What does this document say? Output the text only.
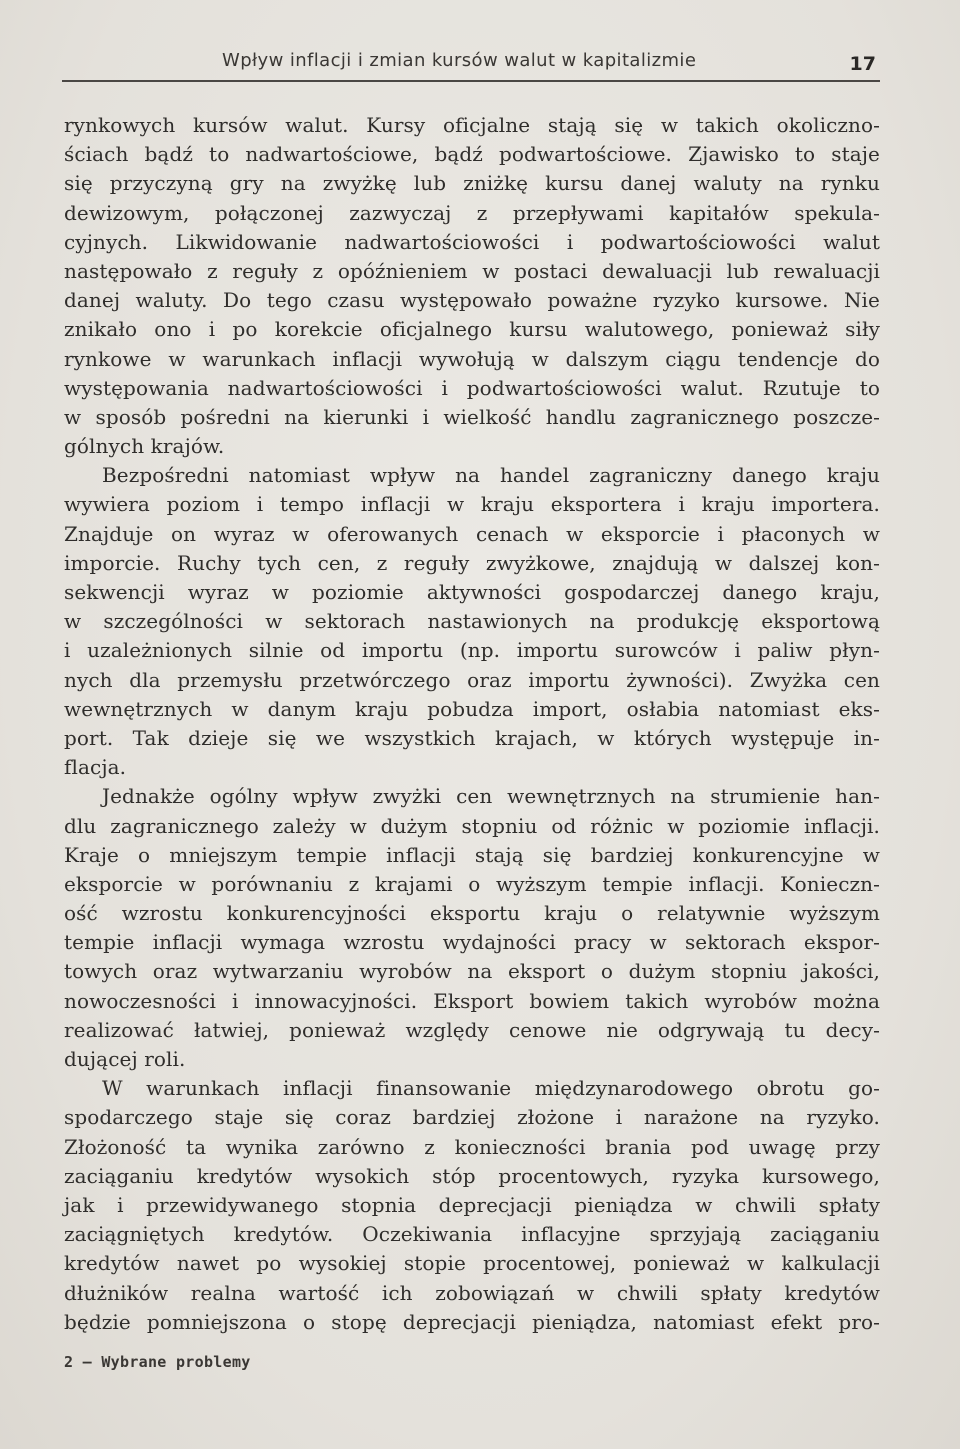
Wpływ inflacji i zmian kursów walut w kapitalizmie	17
rynkowych kursów walut. Kursy oficjalne stają się w takich okoliczno-
ściach bądź to nadwartościowe, bądź podwartościowe. Zjawisko to staje
się przyczyną gry na zwyżkę lub zniżkę kursu danej waluty na rynku
dewizowym, połączonej zazwyczaj z przepływami kapitałów spekula-
cyjnych. Likwidowanie nadwartościowości i podwartościowości walut
następowało z reguły z opóźnieniem w postaci dewaluacji lub rewaluacji
danej waluty. Do tego czasu występowało poważne ryzyko kursowe. Nie
znikało ono i po korekcie oficjalnego kursu walutowego, ponieważ siły
rynkowe w warunkach inflacji wywołują w dalszym ciągu tendencje do
występowania nadwartościowości i podwartościowości walut. Rzutuje to
w sposób pośredni na kierunki i wielkość handlu zagranicznego poszcze-
gólnych krajów.
Bezpośredni natomiast wpływ na handel zagraniczny danego kraju
wywiera poziom i tempo inflacji w kraju eksportera i kraju importera.
Znajduje on wyraz w oferowanych cenach w eksporcie i płaconych w
imporcie. Ruchy tych cen, z reguły zwyżkowe, znajdują w dalszej kon-
sekwencji wyraz w poziomie aktywności gospodarczej danego kraju,
w szczególności w sektorach nastawionych na produkcję eksportową
i uzależnionych silnie od importu (np. importu surowców i paliw płyn-
nych dla przemysłu przetwórczego oraz importu żywności). Zwyżka cen
wewnętrznych w danym kraju pobudza import, osłabia natomiast eks-
port. Tak dzieje się we wszystkich krajach, w których występuje in-
flacja.
Jednakże ogólny wpływ zwyżki cen wewnętrznych na strumienie han-
dlu zagranicznego zależy w dużym stopniu od różnic w poziomie inflacji.
Kraje o mniejszym tempie inflacji stają się bardziej konkurencyjne w
eksporcie w porównaniu z krajami o wyższym tempie inflacji. Konieczn-
ość wzrostu konkurencyjności eksportu kraju o relatywnie wyższym
tempie inflacji wymaga wzrostu wydajności pracy w sektorach ekspor-
towych oraz wytwarzaniu wyrobów na eksport o dużym stopniu jakości,
nowoczesności i innowacyjności. Eksport bowiem takich wyrobów można
realizować łatwiej, ponieważ względy cenowe nie odgrywają tu decy-
dującej roli.
W warunkach inflacji finansowanie międzynarodowego obrotu go-
spodarczego staje się coraz bardziej złożone i narażone na ryzyko.
Złożoność ta wynika zarówno z konieczności brania pod uwagę przy
zaciąganiu kredytów wysokich stóp procentowych, ryzyka kursowego,
jak i przewidywanego stopnia deprecjacji pieniądza w chwili spłaty
zaciągniętych kredytów. Oczekiwania inflacyjne sprzyjają zaciąganiu
kredytów nawet po wysokiej stopie procentowej, ponieważ w kalkulacji
dłużników realna wartość ich zobowiązań w chwili spłaty kredytów
będzie pomniejszona o stopę deprecjacji pieniądza, natomiast efekt pro-
2 — Wybrane problemy
